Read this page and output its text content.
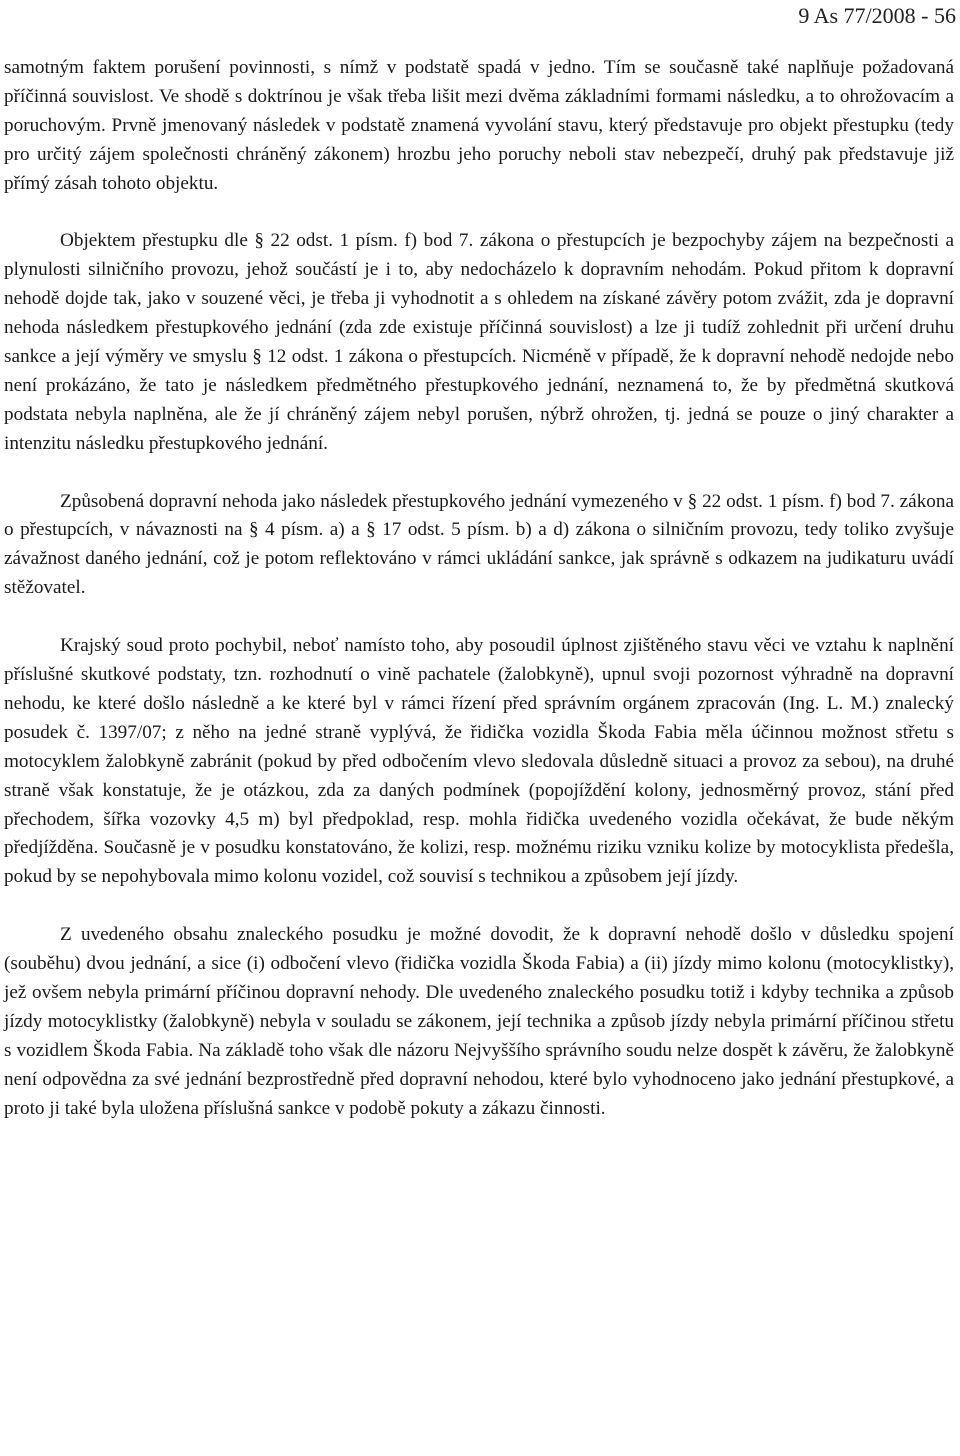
9 As 77/2008 - 56

samotným faktem porušení povinnosti, s nímž v podstatě spadá v jedno. Tím se současně také naplňuje požadovaná příčinná souvislost. Ve shodě s doktrínou je však třeba lišit mezi dvěma základními formami následku, a to ohrožovacím a poruchovým. Prvně jmenovaný následek v podstatě znamená vyvolání stavu, který představuje pro objekt přestupku (tedy pro určitý zájem společnosti chráněný zákonem) hrozbu jeho poruchy neboli stav nebezpečí, druhý pak představuje již přímý zásah tohoto objektu.

Objektem přestupku dle § 22 odst. 1 písm. f) bod 7. zákona o přestupcích je bezpochyby zájem na bezpečnosti a plynulosti silničního provozu, jehož součástí je i to, aby nedocházelo k dopravním nehodám. Pokud přitom k dopravní nehodě dojde tak, jako v souzené věci, je třeba ji vyhodnotit a s ohledem na získané závěry potom zvážit, zda je dopravní nehoda následkem přestupkového jednání (zda zde existuje příčinná souvislost) a lze ji tudíž zohlednit při určení druhu sankce a její výměry ve smyslu § 12 odst. 1 zákona o přestupcích. Nicméně v případě, že k dopravní nehodě nedojde nebo není prokázáno, že tato je následkem předmětného přestupkového jednání, neznamená to, že by předmětná skutková podstata nebyla naplněna, ale že jí chráněný zájem nebyl porušen, nýbrž ohrožen, tj. jedná se pouze o jiný charakter a intenzitu následku přestupkového jednání.

Způsobená dopravní nehoda jako následek přestupkového jednání vymezeného v § 22 odst. 1 písm. f) bod 7. zákona o přestupcích, v návaznosti na § 4 písm. a) a § 17 odst. 5 písm. b) a d) zákona o silničním provozu, tedy toliko zvyšuje závažnost daného jednání, což je potom reflektováno v rámci ukládání sankce, jak správně s odkazem na judikaturu uvádí stěžovatel.

Krajský soud proto pochybil, neboť namísto toho, aby posoudil úplnost zjištěného stavu věci ve vztahu k naplnění příslušné skutkové podstaty, tzn. rozhodnutí o vině pachatele (žalobkyně), upnul svoji pozornost výhradně na dopravní nehodu, ke které došlo následně a ke které byl v rámci řízení před správním orgánem zpracován (Ing. L. M.) znalecký posudek č. 1397/07; z něho na jedné straně vyplývá, že řidička vozidla Škoda Fabia měla účinnou možnost střetu s motocyklem žalobkyně zabránit (pokud by před odbočením vlevo sledovala důsledně situaci a provoz za sebou), na druhé straně však konstatuje, že je otázkou, zda za daných podmínek (popojíždění kolony, jednosměrný provoz, stání před přechodem, šířka vozovky 4,5 m) byl předpoklad, resp. mohla řidička uvedeného vozidla očekávat, že bude někým předjížděna. Současně je v posudku konstatováno, že kolizi, resp. možnému riziku vzniku kolize by motocyklista předešla, pokud by se nepohybovala mimo kolonu vozidel, což souvisí s technikou a způsobem její jízdy.

Z uvedeného obsahu znaleckého posudku je možné dovodit, že k dopravní nehodě došlo v důsledku spojení (souběhu) dvou jednání, a sice (i) odbočení vlevo (řidička vozidla Škoda Fabia) a (ii) jízdy mimo kolonu (motocyklistky), jež ovšem nebyla primární příčinou dopravní nehody. Dle uvedeného znaleckého posudku totiž i kdyby technika a způsob jízdy motocyklistky (žalobkyně) nebyla v souladu se zákonem, její technika a způsob jízdy nebyla primární příčinou střetu s vozidlem Škoda Fabia. Na základě toho však dle názoru Nejvyššího správního soudu nelze dospět k závěru, že žalobkyně není odpovědna za své jednání bezprostředně před dopravní nehodou, které bylo vyhodnoceno jako jednání přestupkové, a proto ji také byla uložena příslušná sankce v podobě pokuty a zákazu činnosti.
